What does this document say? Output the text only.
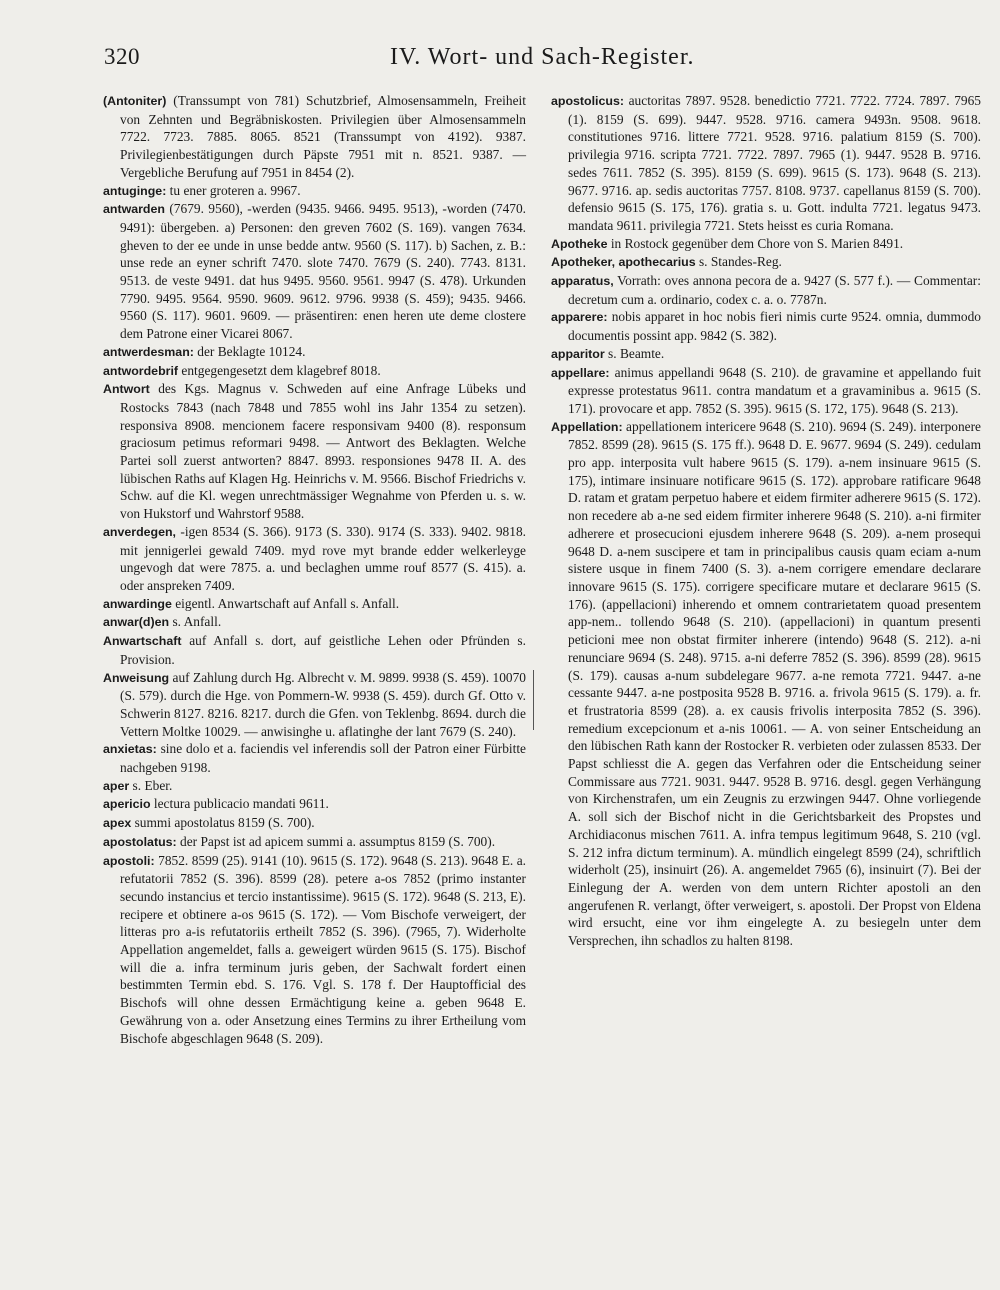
320	IV. Wort- und Sach-Register.
(Antoniter) (Transsumpt von 781) Schutzbrief, Almosensammeln, Freiheit von Zehnten und Begräbniskosten. Privilegien über Almosensammeln 7722. 7723. 7885. 8065. 8521 (Transsumpt von 4192). 9387. Privilegienbestätigungen durch Päpste 7951 mit n. 8521. 9387. — Vergebliche Berufung auf 7951 in 8454 (2).
antuginge: tu ener groteren a. 9967.
antwarden (7679. 9560), -werden (9435. 9466. 9495. 9513), -worden (7470. 9491): übergeben. a) Personen: den greven 7602 (S. 169). vangen 7634. gheven to der ee unde in unse bedde antw. 9560 (S. 117). b) Sachen, z. B.: unse rede an eyner schrift 7470. slote 7470. 7679 (S. 240). 7743. 8131. 9513. de veste 9491. dat hus 9495. 9560. 9561. 9947 (S. 478). Urkunden 7790. 9495. 9564. 9590. 9609. 9612. 9796. 9938 (S. 459); 9435. 9466. 9560 (S. 117). 9601. 9609. — präsentiren: enen heren ute deme clostere dem Patrone einer Vicarei 8067.
antwerdesman: der Beklagte 10124.
antwordebrif entgegengesetzt dem klagebref 8018.
Antwort des Kgs. Magnus v. Schweden auf eine Anfrage Lübeks und Rostocks 7843 (nach 7848 und 7855 wohl ins Jahr 1354 zu setzen). responsiva 8908. mencionem facere responsivam 9400 (8). responsum graciosum petimus reformari 9498. — Antwort des Beklagten. Welche Partei soll zuerst antworten? 8847. 8993. responsiones 9478 II. A. des lübischen Raths auf Klagen Hg. Heinrichs v. M. 9566. Bischof Friedrichs v. Schw. auf die Kl. wegen unrechtmässiger Wegnahme von Pferden u. s. w. von Hukstorf und Wahrstorf 9588.
anverdegen, -igen 8534 (S. 366). 9173 (S. 330). 9174 (S. 333). 9402. 9818. mit jennigerlei gewald 7409. myd rove myt brande edder welkerleyge ungevogh dat were 7875. a. und beclaghen umme rouf 8577 (S. 415). a. oder anspreken 7409.
anwardinge eigentl. Anwartschaft auf Anfall s. Anfall.
anwar(d)en s. Anfall.
Anwartschaft auf Anfall s. dort, auf geistliche Lehen oder Pfründen s. Provision.
Anweisung auf Zahlung durch Hg. Albrecht v. M. 9899. 9938 (S. 459). 10070 (S. 579). durch die Hge. von Pommern-W. 9938 (S. 459). durch Gf. Otto v. Schwerin 8127. 8216. 8217. durch die Gfen. von Teklenbg. 8694. durch die Vettern Moltke 10029. — anwisinghe u. aflatinghe der lant 7679 (S. 240).
anxietas: sine dolo et a. faciendis vel inferendis soll der Patron einer Fürbitte nachgeben 9198.
aper s. Eber.
apericio lectura publicacio mandati 9611.
apex summi apostolatus 8159 (S. 700).
apostolatus: der Papst ist ad apicem summi a. assumptus 8159 (S. 700).
apostoli: 7852. 8599 (25). 9141 (10). 9615 (S. 172). 9648 (S. 213). 9648 E. a. refutatorii 7852 (S. 396). 8599 (28). petere a-os 7852 (primo instanter secundo instancius et tercio instantissime). 9615 (S. 172). 9648 (S. 213, E). recipere et obtinere a-os 9615 (S. 172). — Vom Bischofe verweigert, der litteras pro a-is refutatoriis ertheilt 7852 (S. 396). (7965, 7). Widerholte Appellation angemeldet, falls a. geweigert würden 9615 (S. 175). Bischof will die a. infra terminum juris geben, der Sachwalt fordert einen bestimmten Termin ebd. S. 176. Vgl. S. 178 f. Der Hauptofficial des Bischofs will ohne dessen Ermächtigung keine a. geben 9648 E. Gewährung von a. oder Ansetzung eines Termins zu ihrer Ertheilung vom Bischofe abgeschlagen 9648 (S. 209).
apostolicus: auctoritas 7897. 9528. benedictio 7721. 7722. 7724. 7897. 7965 (1). 8159 (S. 699). 9447. 9528. 9716. camera 9493n. 9508. 9618. constitutiones 9716. littere 7721. 9528. 9716. palatium 8159 (S. 700). privilegia 9716. scripta 7721. 7722. 7897. 7965 (1). 9447. 9528 B. 9716. sedes 7611. 7852 (S. 395). 8159 (S. 699). 9615 (S. 173). 9648 (S. 213). 9677. 9716. ap. sedis auctoritas 7757. 8108. 9737. capellanus 8159 (S. 700). defensio 9615 (S. 175, 176). gratia s. u. Gott. indulta 7721. legatus 9473. mandata 9611. privilegia 7721. Stets heisst es curia Romana.
Apotheke in Rostock gegenüber dem Chore von S. Marien 8491.
Apotheker, apothecarius s. Standes-Reg.
apparatus, Vorrath: oves annona pecora de a. 9427 (S. 577 f.). — Commentar: decretum cum a. ordinario, codex c. a. o. 7787n.
apparere: nobis apparet in hoc nobis fieri nimis curte 9524. omnia, dummodo documentis possint app. 9842 (S. 382).
apparitor s. Beamte.
appellare: animus appellandi 9648 (S. 210). de gravamine et appellando fuit expresse protestatus 9611. contra mandatum et a gravaminibus a. 9615 (S. 171). provocare et app. 7852 (S. 395). 9615 (S. 172, 175). 9648 (S. 213).
Appellation: appellationem intericere 9648 (S. 210). 9694 (S. 249). interponere 7852. 8599 (28). 9615 (S. 175 ff.). 9648 D. E. 9677. 9694 (S. 249). cedulam pro app. interposita vult habere 9615 (S. 179). a-nem insinuare 9615 (S. 175), intimare insinuare notificare 9615 (S. 172). approbare ratificare 9648 D. ratam et gratam perpetuo habere et eidem firmiter adherere 9615 (S. 172). non recedere ab a-ne sed eidem firmiter inherere 9648 (S. 210). a-ni firmiter adherere et prosecucioni ejusdem inherere 9648 (S. 209). a-nem prosequi 9648 D. a-nem suscipere et tam in principalibus causis quam eciam a-num sistere usque in finem 7400 (S. 3). a-nem corrigere emendare declarare innovare 9615 (S. 175). corrigere specificare mutare et declarare 9615 (S. 176). (appellacioni) inherendo et omnem contrarietatem quoad presentem app-nem.. tollendo 9648 (S. 210). (appellacioni) in quantum presenti peticioni mee non obstat firmiter inherere (intendo) 9648 (S. 212). a-ni renunciare 9694 (S. 248). 9715. a-ni deferre 7852 (S. 396). 8599 (28). 9615 (S. 179). causas a-num subdelegare 9677. a-ne remota 7721. 9447. a-ne cessante 9447. a-ne postposita 9528 B. 9716. a. frivola 9615 (S. 179). a. fr. et frustratoria 8599 (28). a. ex causis frivolis interposita 7852 (S. 396). remedium excepcionum et a-nis 10061. — A. von seiner Entscheidung an den lübischen Rath kann der Rostocker R. verbieten oder zulassen 8533. Der Papst schliesst die A. gegen das Verfahren oder die Entscheidung seiner Commissare aus 7721. 9031. 9447. 9528 B. 9716. desgl. gegen Verhängung von Kirchenstrafen, um ein Zeugnis zu erzwingen 9447. Ohne vorliegende A. soll sich der Bischof nicht in die Gerichtsbarkeit des Propstes und Archidiaconus mischen 7611. A. infra tempus legitimum 9648, S. 210 (vgl. S. 212 infra dictum terminum). A. mündlich eingelegt 8599 (24), schriftlich widerholt (25), insinuirt (26). A. angemeldet 7965 (6), insinuirt (7). Bei der Einlegung der A. werden von dem untern Richter apostoli an den angerufenen R. verlangt, öfter verweigert, s. apostoli. Der Propst von Eldena wird ersucht, eine vor ihm eingelegte A. zu besiegeln unter dem Versprechen, ihn schadlos zu halten 8198.
